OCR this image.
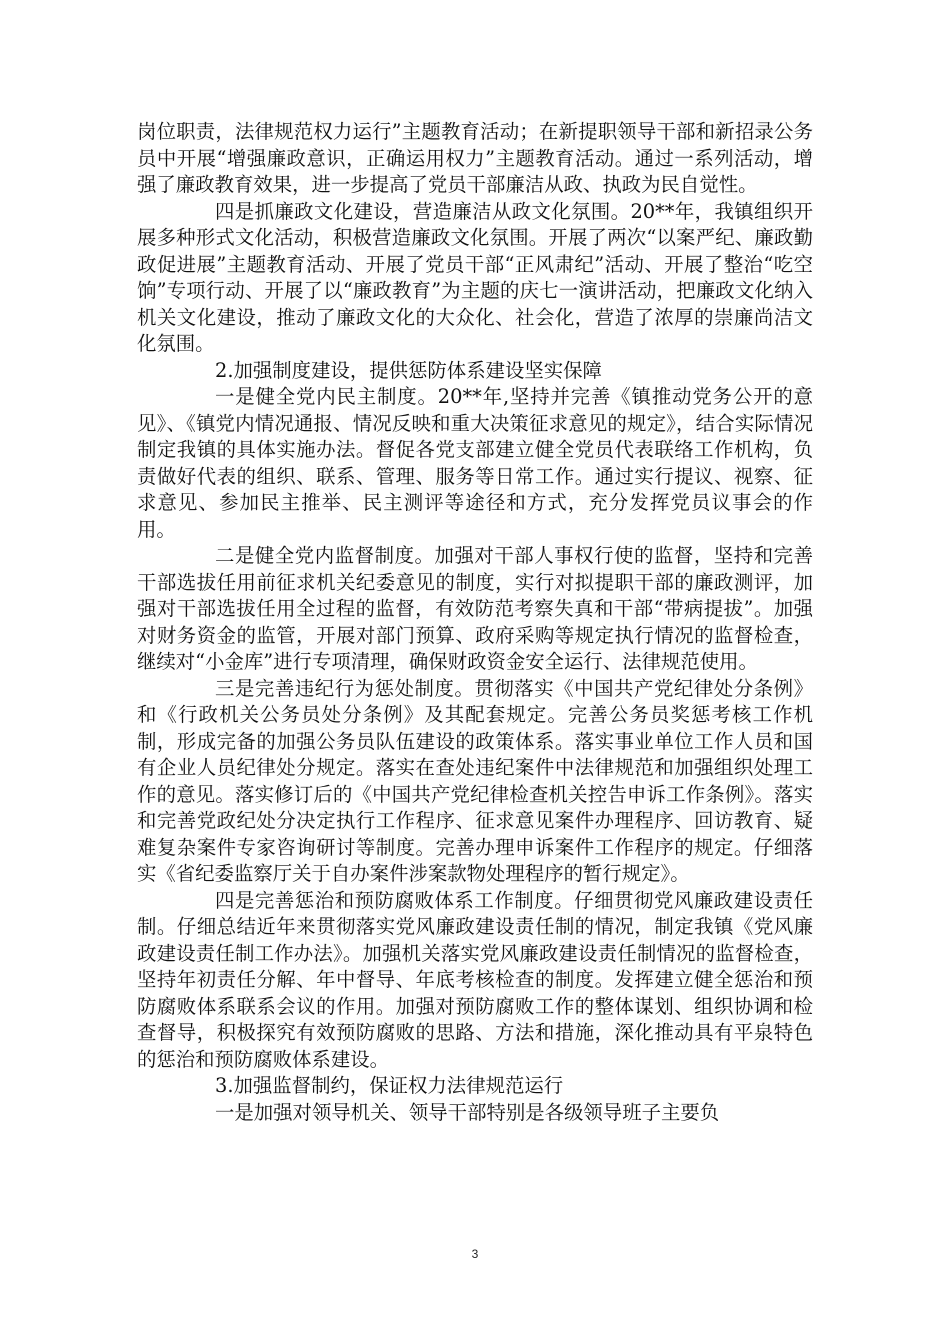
岗位职责，法律规范权力运行”主题教育活动；在新提职领导干部和新招录公务员中开展“增强廉政意识，正确运用权力”主题教育活动。通过一系列活动，增强了廉政教育效果，进一步提高了党员干部廉洁从政、执政为民自觉性。

四是抓廉政文化建设，营造廉洁从政文化氛围。20**年，我镇组织开展多种形式文化活动，积极营造廉政文化氛围。开展了两次“以案严纪、廉政勤政促进展”主题教育活动、开展了党员干部“正风肃纪”活动、开展了整治“吃空饷”专项行动、开展了以“廉政教育”为主题的庆七一演讲活动，把廉政文化纳入机关文化建设，推动了廉政文化的大众化、社会化，营造了浓厚的崇廉尚洁文化氛围。

2.加强制度建设，提供惩防体系建设坚实保障

一是健全党内民主制度。20**年,坚持并完善《镇推动党务公开的意见》、《镇党内情况通报、情况反映和重大决策征求意见的规定》，结合实际情况制定我镇的具体实施办法。督促各党支部建立健全党员代表联络工作机构，负责做好代表的组织、联系、管理、服务等日常工作。通过实行提议、视察、征求意见、参加民主推举、民主测评等途径和方式，充分发挥党员议事会的作用。

二是健全党内监督制度。加强对干部人事权行使的监督，坚持和完善干部选拔任用前征求机关纪委意见的制度，实行对拟提职干部的廉政测评，加强对干部选拔任用全过程的监督，有效防范考察失真和干部“带病提拔”。加强对财务资金的监管，开展对部门预算、政府采购等规定执行情况的监督检查，继续对“小金库”进行专项清理，确保财政资金安全运行、法律规范使用。

三是完善违纪行为惩处制度。贯彻落实《中国共产党纪律处分条例》和《行政机关公务员处分条例》及其配套规定。完善公务员奖惩考核工作机制，形成完备的加强公务员队伍建设的政策体系。落实事业单位工作人员和国有企业人员纪律处分规定。落实在查处违纪案件中法律规范和加强组织处理工作的意见。落实修订后的《中国共产党纪律检查机关控告申诉工作条例》。落实和完善党政纪处分决定执行工作程序、征求意见案件办理程序、回访教育、疑难复杂案件专家咨询研讨等制度。完善办理申诉案件工作程序的规定。仔细落实《省纪委监察厅关于自办案件涉案款物处理程序的暂行规定》。

四是完善惩治和预防腐败体系工作制度。仔细贯彻党风廉政建设责任制。仔细总结近年来贯彻落实党风廉政建设责任制的情况，制定我镇《党风廉政建设责任制工作办法》。加强机关落实党风廉政建设责任制情况的监督检查，坚持年初责任分解、年中督导、年底考核检查的制度。发挥建立健全惩治和预防腐败体系联系会议的作用。加强对预防腐败工作的整体谋划、组织协调和检查督导，积极探究有效预防腐败的思路、方法和措施，深化推动具有平泉特色的惩治和预防腐败体系建设。

3.加强监督制约，保证权力法律规范运行

一是加强对领导机关、领导干部特别是各级领导班子主要负

3
